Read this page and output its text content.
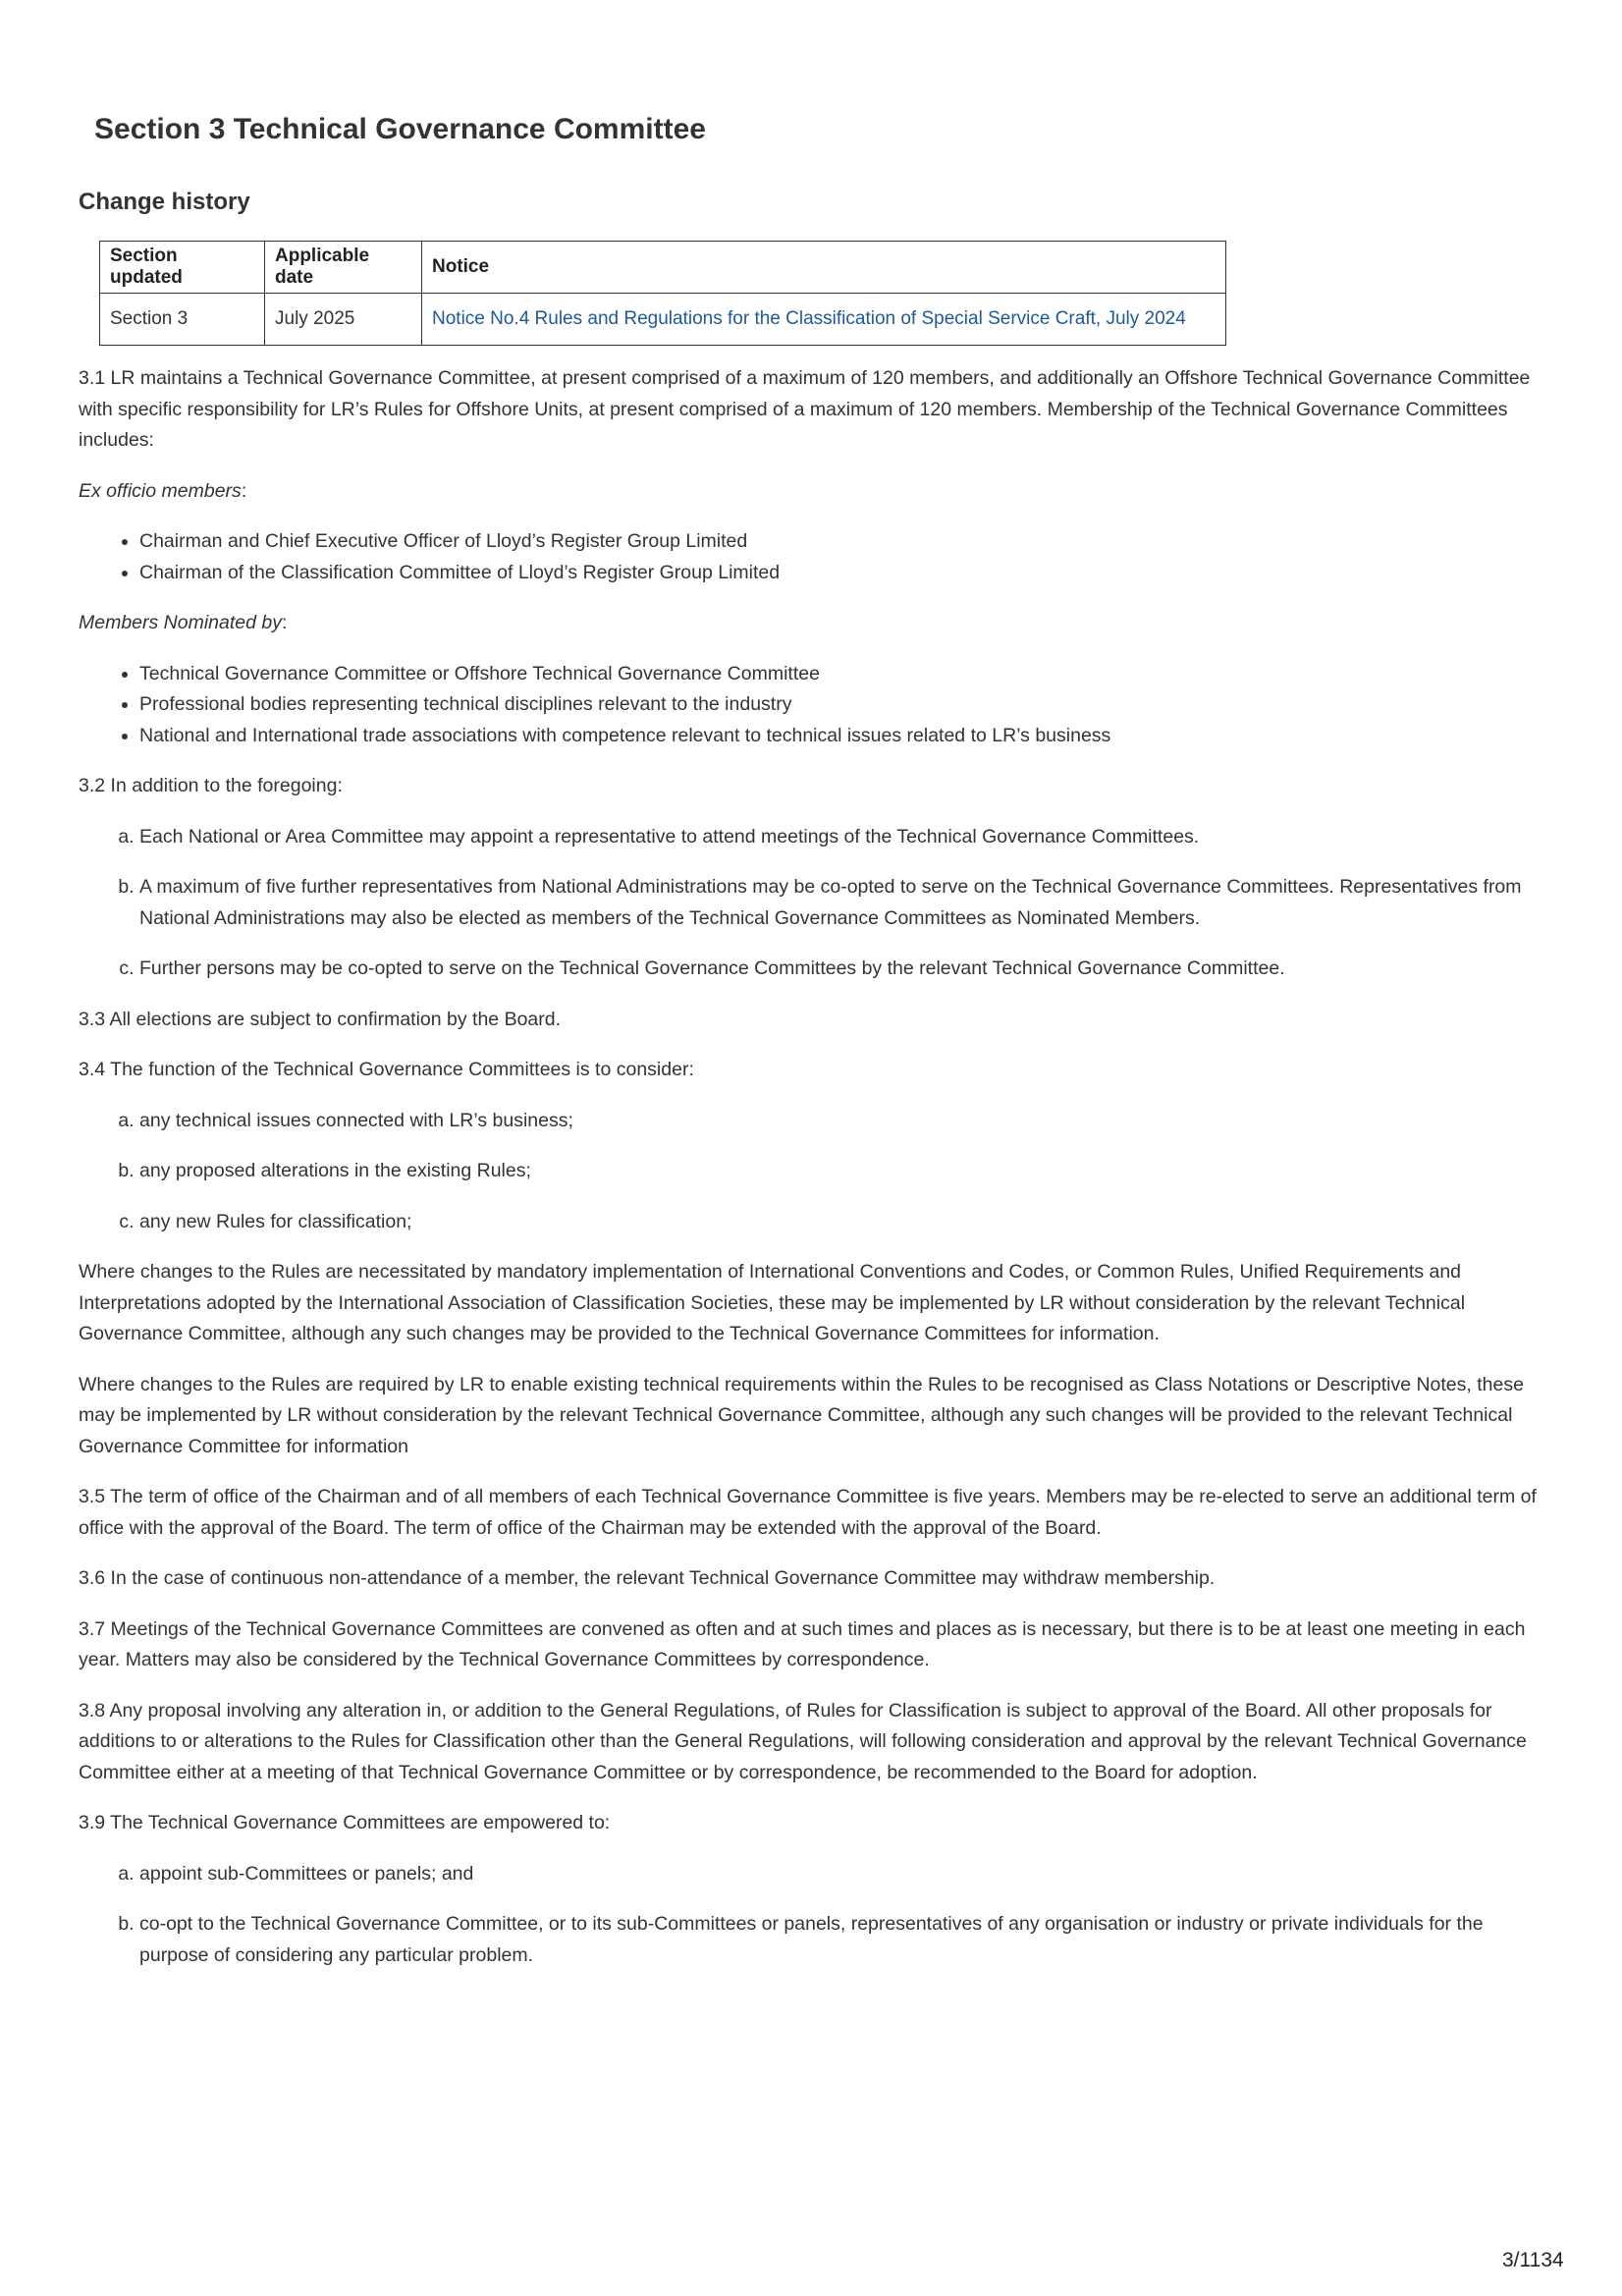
Section 3 Technical Governance Committee
Change history
Section updated	Applicable date	Notice
Section 3	July 2025	Notice No.4 Rules and Regulations for the Classification of Special Service Craft, July 2024

3.1 LR maintains a Technical Governance Committee, at present comprised of a maximum of 120 members, and additionally an Offshore Technical Governance Committee with specific responsibility for LR’s Rules for Offshore Units, at present comprised of a maximum of 120 members. Membership of the Technical Governance Committees includes:

Ex officio members:

• Chairman and Chief Executive Officer of Lloyd’s Register Group Limited
• Chairman of the Classification Committee of Lloyd’s Register Group Limited

Members Nominated by:

• Technical Governance Committee or Offshore Technical Governance Committee
• Professional bodies representing technical disciplines relevant to the industry
• National and International trade associations with competence relevant to technical issues related to LR’s business

3.2 In addition to the foregoing:

a. Each National or Area Committee may appoint a representative to attend meetings of the Technical Governance Committees.
b. A maximum of five further representatives from National Administrations may be co-opted to serve on the Technical Governance Committees. Representatives from National Administrations may also be elected as members of the Technical Governance Committees as Nominated Members.
c. Further persons may be co-opted to serve on the Technical Governance Committees by the relevant Technical Governance Committee.

3.3 All elections are subject to confirmation by the Board.

3.4 The function of the Technical Governance Committees is to consider:

a. any technical issues connected with LR’s business;
b. any proposed alterations in the existing Rules;
c. any new Rules for classification;

Where changes to the Rules are necessitated by mandatory implementation of International Conventions and Codes, or Common Rules, Unified Requirements and Interpretations adopted by the International Association of Classification Societies, these may be implemented by LR without consideration by the relevant Technical Governance Committee, although any such changes may be provided to the Technical Governance Committees for information.

Where changes to the Rules are required by LR to enable existing technical requirements within the Rules to be recognised as Class Notations or Descriptive Notes, these may be implemented by LR without consideration by the relevant Technical Governance Committee, although any such changes will be provided to the relevant Technical Governance Committee for information

3.5 The term of office of the Chairman and of all members of each Technical Governance Committee is five years. Members may be re-elected to serve an additional term of office with the approval of the Board. The term of office of the Chairman may be extended with the approval of the Board.

3.6 In the case of continuous non-attendance of a member, the relevant Technical Governance Committee may withdraw membership.

3.7 Meetings of the Technical Governance Committees are convened as often and at such times and places as is necessary, but there is to be at least one meeting in each year. Matters may also be considered by the Technical Governance Committees by correspondence.

3.8 Any proposal involving any alteration in, or addition to the General Regulations, of Rules for Classification is subject to approval of the Board. All other proposals for additions to or alterations to the Rules for Classification other than the General Regulations, will following consideration and approval by the relevant Technical Governance Committee either at a meeting of that Technical Governance Committee or by correspondence, be recommended to the Board for adoption.

3.9 The Technical Governance Committees are empowered to:

a. appoint sub-Committees or panels; and
b. co-opt to the Technical Governance Committee, or to its sub-Committees or panels, representatives of any organisation or industry or private individuals for the purpose of considering any particular problem.
3/1134
